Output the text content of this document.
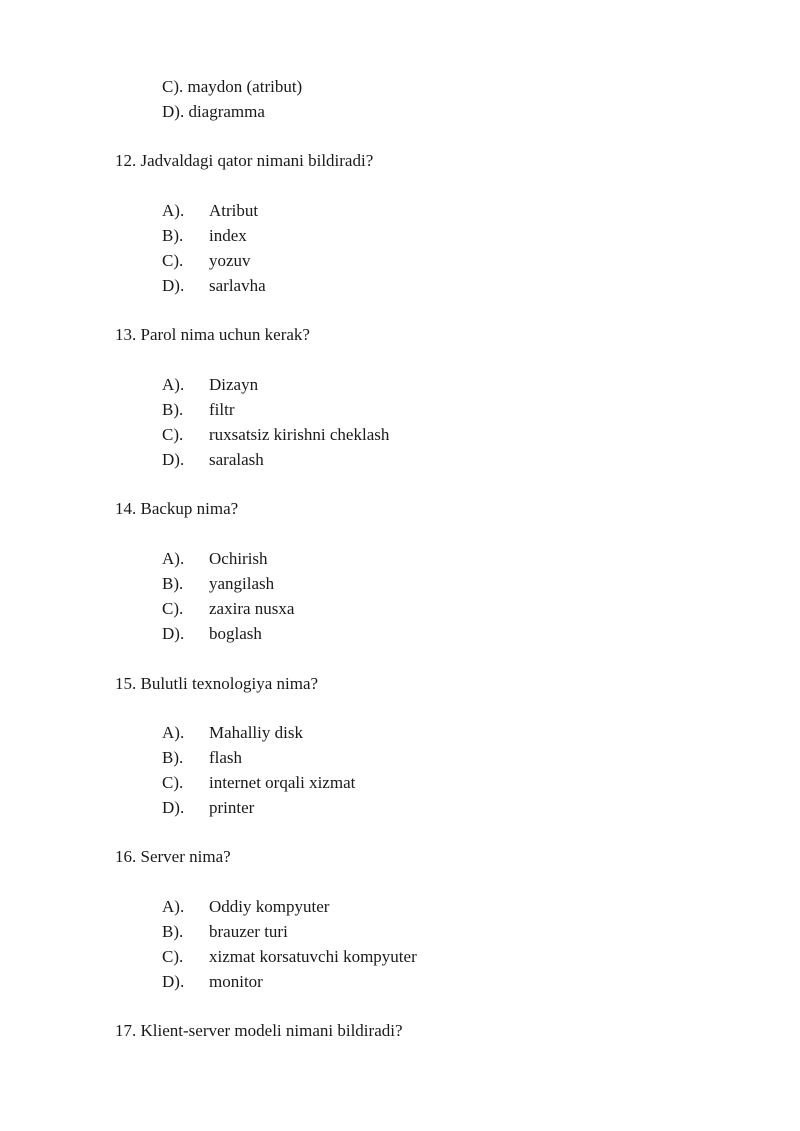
C). maydon (atribut)
D). diagramma
12. Jadvaldagi qator nimani bildiradi?
A). Atribut
B). index
C). yozuv
D). sarlavha
13. Parol nima uchun kerak?
A). Dizayn
B). filtr
C). ruxsatsiz kirishni cheklash
D). saralash
14. Backup nima?
A). Ochirish
B). yangilash
C). zaxira nusxa
D). boglash
15. Bulutli texnologiya nima?
A). Mahalliy disk
B). flash
C). internet orqali xizmat
D). printer
16. Server nima?
A). Oddiy kompyuter
B). brauzer turi
C). xizmat korsatuvchi kompyuter
D). monitor
17. Klient-server modeli nimani bildiradi?
